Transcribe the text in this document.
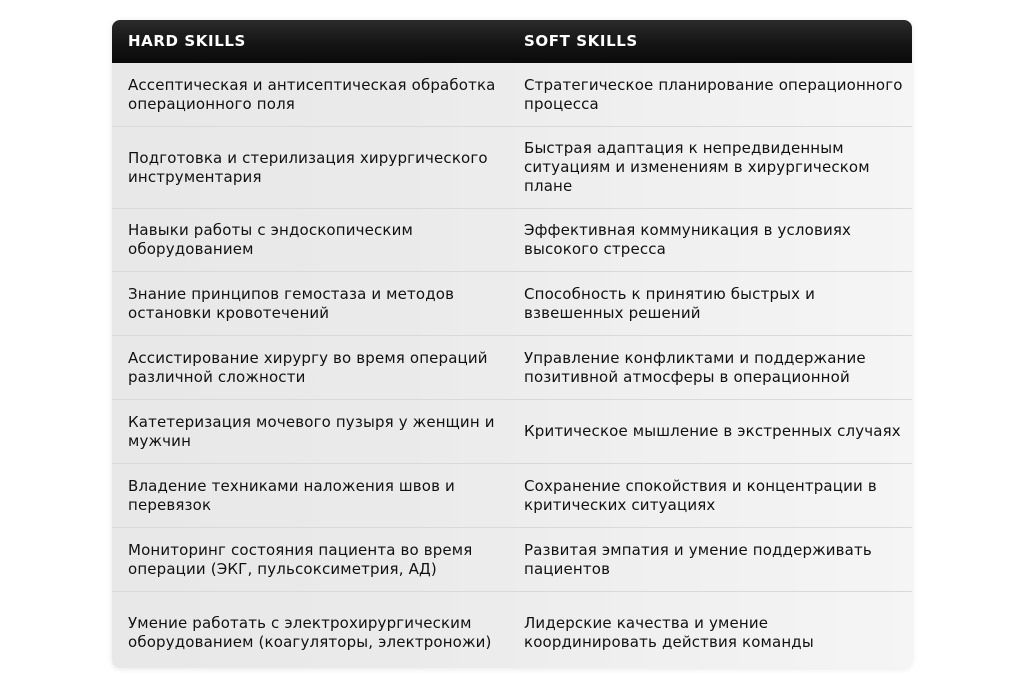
HARD SKILLS	SOFT SKILLS
Ассептическая и антисептическая обработка операционного поля
Стратегическое планирование операционного процесса
Подготовка и стерилизация хирургического инструментария
Быстрая адаптация к непредвиденным ситуациям и изменениям в хирургическом плане
Навыки работы с эндоскопическим оборудованием
Эффективная коммуникация в условиях высокого стресса
Знание принципов гемостаза и методов остановки кровотечений
Способность к принятию быстрых и взвешенных решений
Ассистирование хирургу во время операций различной сложности
Управление конфликтами и поддержание позитивной атмосферы в операционной
Катетеризация мочевого пузыря у женщин и мужчин
Критическое мышление в экстренных случаях
Владение техниками наложения швов и перевязок
Сохранение спокойствия и концентрации в критических ситуациях
Мониторинг состояния пациента во время операции (ЭКГ, пульсоксиметрия, АД)
Развитая эмпатия и умение поддерживать пациентов
Умение работать с электрохирургическим оборудованием (коагуляторы, электроножи)
Лидерские качества и умение координировать действия команды
